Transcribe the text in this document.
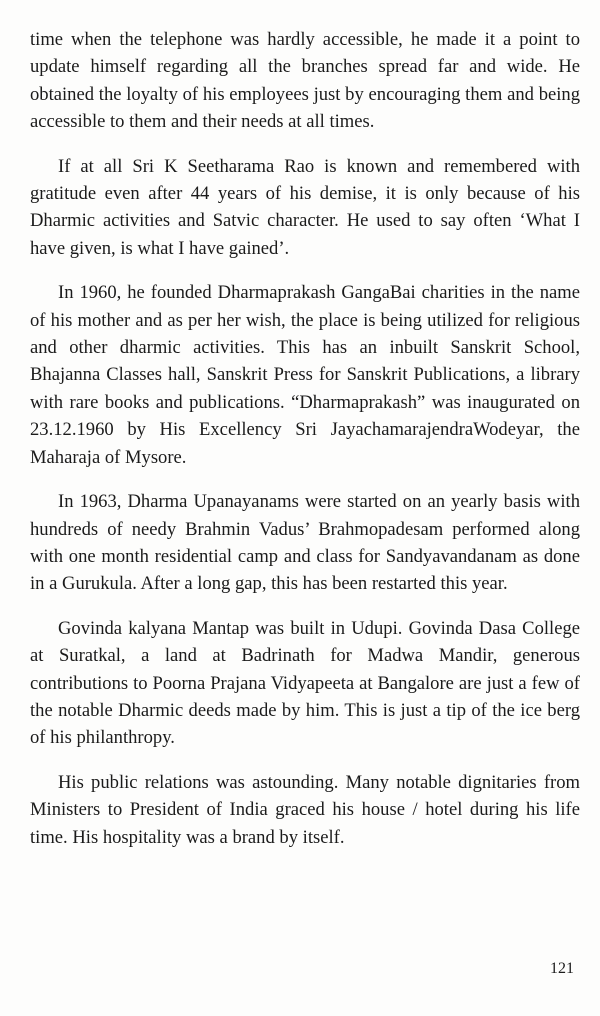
time when the telephone was hardly accessible, he made it a point to update himself regarding all the branches spread far and wide. He obtained the loyalty of his employees just by encouraging them and being accessible to them and their needs at all times.

If at all Sri K Seetharama Rao is known and remembered with gratitude even after 44 years of his demise, it is only because of his Dharmic activities and Satvic character. He used to say often ‘What I have given, is what I have gained’.

In 1960, he founded Dharmaprakash GangaBai charities in the name of his mother and as per her wish, the place is being utilized for religious and other dharmic activities. This has an inbuilt Sanskrit School, Bhajanna Classes hall, Sanskrit Press for Sanskrit Publications, a library with rare books and publications. “Dharmaprakash” was inaugurated on 23.12.1960 by His Excellency Sri JayachamarajendraWodeyar, the Maharaja of Mysore.

In 1963, Dharma Upanayanams were started on an yearly basis with hundreds of needy Brahmin Vadus’ Brahmopadesam performed along with one month residential camp and class for Sandyavandanam as done in a Gurukula. After a long gap, this has been restarted this year.

Govinda kalyana Mantap was built in Udupi. Govinda Dasa College at Suratkal, a land at Badrinath for Madwa Mandir, generous contributions to Poorna Prajana Vidyapeeta at Bangalore are just a few of the notable Dharmic deeds made by him. This is just a tip of the ice berg of his philanthropy.

His public relations was astounding. Many notable dignitaries from Ministers to President of India graced his house / hotel during his life time. His hospitality was a brand by itself.

121
